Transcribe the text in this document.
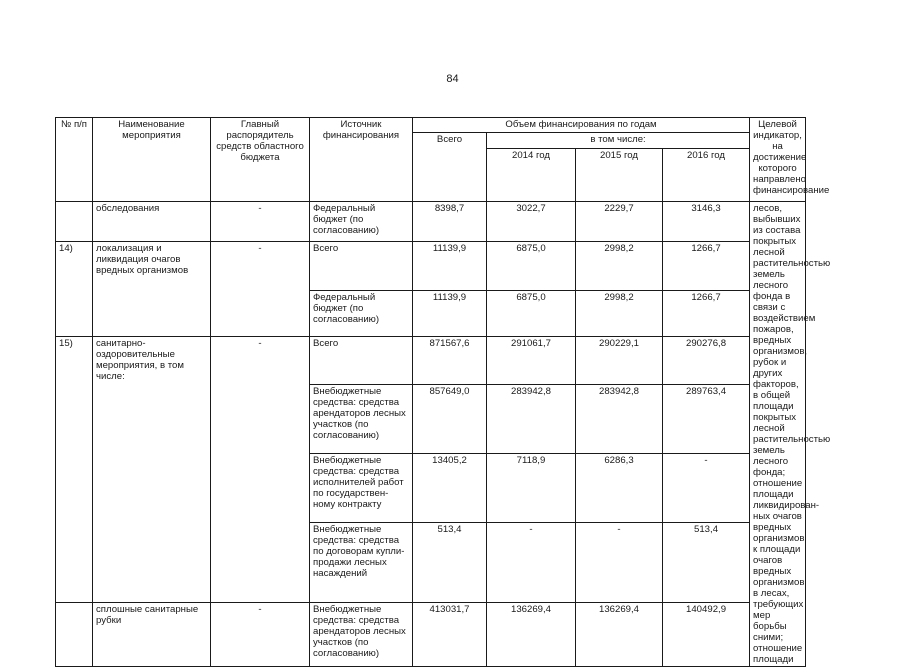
84
№ п/п	Наименование мероприятия	Главный распорядитель средств областного бюджета	Источник финансирования	Объем финансирования по годам				Целевой индикатор, на достижение которого направлено финансирование
				Всего	в том числе:			
					2014 год	2015 год	2016 год	
	обследования	-	Федеральный бюджет (по согласованию)	8398,7	3022,7	2229,7	3146,3	лесов, выбывших из состава покрытых лесной растительностью земель лесного фонда в связи с воздействием пожаров, вредных организмов, рубок и других факторов, в общей площади покрытых лесной растительностью земель лесного фонда; отношение площади ликвидирован-ных очагов вредных организмов к площади очагов вредных организмов в лесах, требующих мер борьбы сними; отношение площади
14)	локализация и ликвидация очагов вредных организмов	-	Всего	11139,9	6875,0	2998,2	1266,7	
			Федеральный бюджет (по согласованию)	11139,9	6875,0	2998,2	1266,7	
15)	санитарно-оздоровительные мероприятия, в том числе:	-	Всего	871567,6	291061,7	290229,1	290276,8	
			Внебюджетные средства: средства арендаторов лесных участков (по согласованию)	857649,0	283942,8	283942,8	289763,4	
			Внебюджетные средства: средства исполнителей работ по государствен-ному контракту	13405,2	7118,9	6286,3	-	
			Внебюджетные средства: средства по договорам купли-продажи лесных насаждений	513,4	-	-	513,4	
	сплошные санитарные рубки	-	Внебюджетные средства: средства арендаторов лесных участков (по согласованию)	413031,7	136269,4	136269,4	140492,9	
